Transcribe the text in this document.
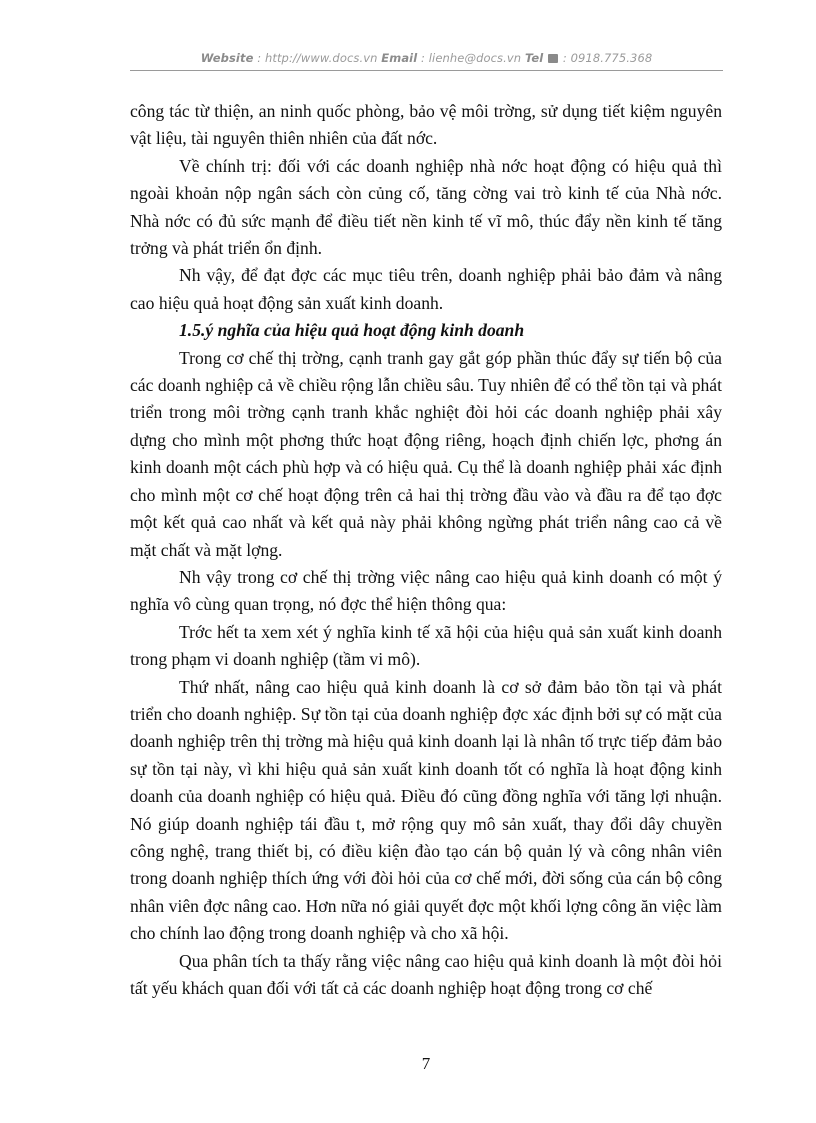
Website : http://www.docs.vn Email : lienhe@docs.vn Tel  : 0918.775.368

công tác từ thiện, an ninh quốc phòng, bảo vệ môi trờng, sử dụng tiết kiệm nguyên vật liệu, tài nguyên thiên nhiên của đất nớc.

Về chính trị: đối với các doanh nghiệp nhà nớc hoạt động có hiệu quả thì ngoài khoản nộp ngân sách còn củng cố, tăng cờng vai trò kinh tế của Nhà nớc. Nhà nớc có đủ sức mạnh để điều tiết nền kinh tế vĩ mô, thúc đẩy nền kinh tế tăng trởng và phát triển ổn định.

Nh vậy, để đạt đợc các mục tiêu trên, doanh nghiệp phải bảo đảm và nâng cao hiệu quả hoạt động sản xuất kinh doanh.

1.5.ý nghĩa của hiệu quả hoạt động kinh doanh

Trong cơ chế thị trờng, cạnh tranh gay gắt góp phần thúc đẩy sự tiến bộ của các doanh nghiệp cả về chiều rộng lẫn chiều sâu. Tuy nhiên để có thể tồn tại và phát triển trong môi trờng cạnh tranh khắc nghiệt đòi hỏi các doanh nghiệp phải xây dựng cho mình một phơng thức hoạt động riêng, hoạch định chiến lợc, phơng án kinh doanh một cách phù hợp và có hiệu quả. Cụ thể là doanh nghiệp phải xác định cho mình một cơ chế hoạt động trên cả hai thị trờng đầu vào và đầu ra để tạo đợc một kết quả cao nhất và kết quả này phải không ngừng phát triển nâng cao cả về mặt chất và mặt lợng.

Nh vậy trong cơ chế thị trờng việc nâng cao hiệu quả kinh doanh có một ý nghĩa vô cùng quan trọng, nó đợc thể hiện thông qua:

Trớc hết ta xem xét ý nghĩa kinh tế xã hội của hiệu quả sản xuất kinh doanh trong phạm vi doanh nghiệp (tầm vi mô).

Thứ nhất, nâng cao hiệu quả kinh doanh là cơ sở đảm bảo tồn tại và phát triển cho doanh nghiệp. Sự tồn tại của doanh nghiệp đợc xác định bởi sự có mặt của doanh nghiệp trên thị trờng mà hiệu quả kinh doanh lại là nhân tố trực tiếp đảm bảo sự tồn tại này, vì khi hiệu quả sản xuất kinh doanh tốt có nghĩa là hoạt động kinh doanh của doanh nghiệp có hiệu quả. Điều đó cũng đồng nghĩa với tăng lợi nhuận. Nó giúp doanh nghiệp tái đầu t, mở rộng quy mô sản xuất, thay đổi dây chuyền công nghệ, trang thiết bị, có điều kiện đào tạo cán bộ quản lý và công nhân viên trong doanh nghiệp thích ứng với đòi hỏi của cơ chế mới, đời sống của cán bộ công nhân viên đợc nâng cao. Hơn nữa nó giải quyết đợc một khối lợng công ăn việc làm cho chính lao động trong doanh nghiệp và cho xã hội.

Qua phân tích ta thấy rằng việc nâng cao hiệu quả kinh doanh là một đòi hỏi tất yếu khách quan đối với tất cả các doanh nghiệp hoạt động trong cơ chế

7
